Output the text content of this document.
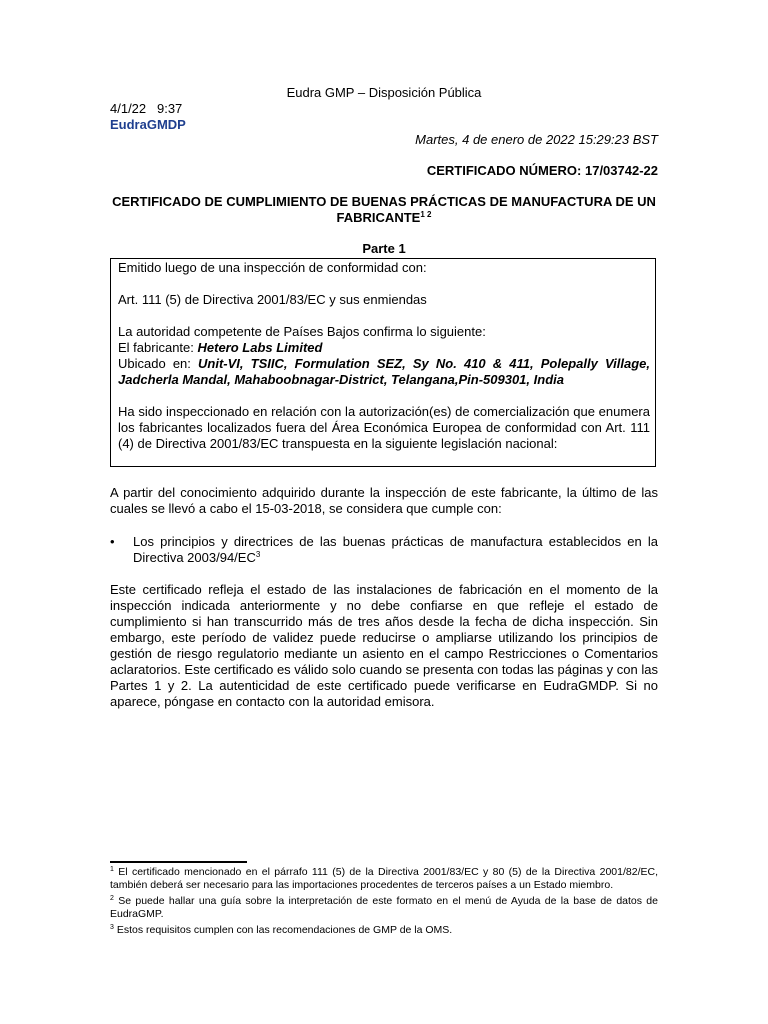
Eudra GMP – Disposición Pública
4/1/22   9:37
EudraGMDP
Martes, 4 de enero de 2022 15:29:23 BST
CERTIFICADO NÚMERO: 17/03742-22
CERTIFICADO DE CUMPLIMIENTO DE BUENAS PRÁCTICAS DE MANUFACTURA DE UN
$FABRICANTE^{1 2}$
Parte 1

Emitido luego de una inspección de conformidad con:

Art. 111 (5) de Directiva 2001/83/EC y sus enmiendas

La autoridad competente de Países Bajos confirma lo siguiente:

El fabricante: Hetero Labs Limited

Ubicado en: Unit-VI, TSIIC, Formulation SEZ, Sy No. 410 & 411, Polepally Village, Jadcherla Mandal, Mahaboobnagar-District, Telangana,Pin-509301, India

Ha sido inspeccionado en relación con la autorización(es) de comercialización que enumera los fabricantes localizados fuera del Área Económica Europea de conformidad con Art. 111 (4) de Directiva 2001/83/EC transpuesta en la siguiente legislación nacional:

A partir del conocimiento adquirido durante la inspección de este fabricante, la último de las cuales se llevó a cabo el 15-03-2018, se considera que cumple con:
• Los principios y directrices de las buenas prácticas de manufactura establecidos en la Directiva $2003/94/EC^3$
Este certificado refleja el estado de las instalaciones de fabricación en el momento de la inspección indicada anteriormente y no debe confiarse en que refleje el estado de cumplimiento si han transcurrido más de tres años desde la fecha de dicha inspección. Sin embargo, este período de validez puede reducirse o ampliarse utilizando los principios de gestión de riesgo regulatorio mediante un asiento en el campo Restricciones o Comentarios aclaratorios. Este certificado es válido solo cuando se presenta con todas las páginas y con las Partes 1 y 2. La autenticidad de este certificado puede verificarse en EudraGMDP. Si no aparece, póngase en contacto con la autoridad emisora.
$^1$ El certificado mencionado en el párrafo 111 (5) de la Directiva 2001/83/EC y 80 (5) de la Directiva 2001/82/EC, también deberá ser necesario para las importaciones procedentes de terceros países a un Estado miembro.
$^2$ Se puede hallar una guía sobre la interpretación de este formato en el menú de Ayuda de la base de datos de EudraGMP.
$^3$ Estos requisitos cumplen con las recomendaciones de GMP de la OMS.
